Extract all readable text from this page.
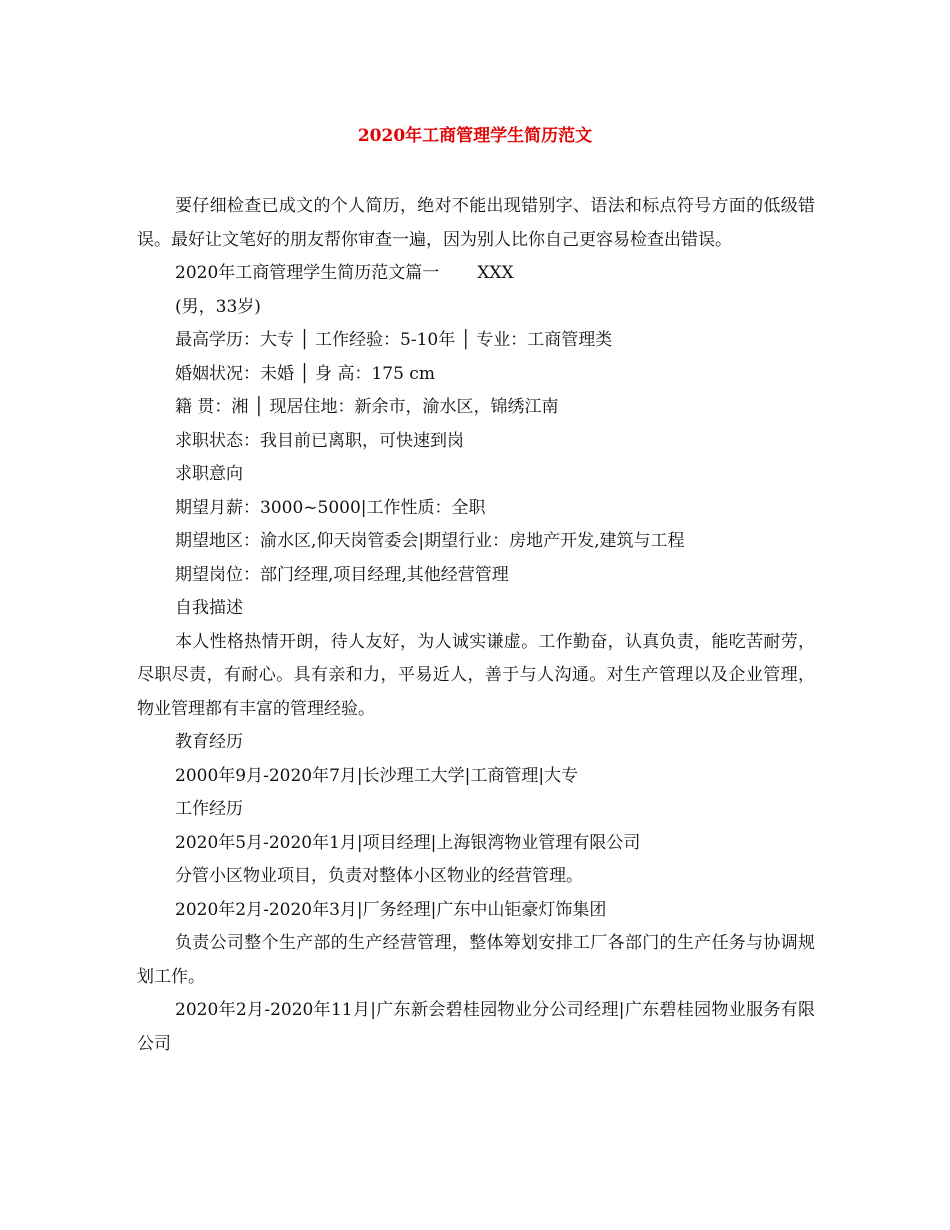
2020年工商管理学生简历范文

要仔细检查已成文的个人简历，绝对不能出现错别字、语法和标点符号方面的低级错误。最好让文笔好的朋友帮你审查一遍，因为别人比你自己更容易检查出错误。

2020年工商管理学生简历范文篇一 XXX

(男，33岁)

最高学历：大专 │ 工作经验：5-10年 │ 专业：工商管理类

婚姻状况：未婚 │ 身 高：175 cm

籍 贯：湘 │ 现居住地：新余市，渝水区，锦绣江南

求职状态：我目前已离职，可快速到岗

求职意向

期望月薪：3000~5000|工作性质：全职

期望地区：渝水区,仰天岗管委会|期望行业：房地产开发,建筑与工程

期望岗位：部门经理,项目经理,其他经营管理

自我描述

本人性格热情开朗，待人友好，为人诚实谦虚。工作勤奋，认真负责，能吃苦耐劳，尽职尽责，有耐心。具有亲和力，平易近人，善于与人沟通。对生产管理以及企业管理，物业管理都有丰富的管理经验。

教育经历

2000年9月-2020年7月|长沙理工大学|工商管理|大专

工作经历

2020年5月-2020年1月|项目经理|上海银湾物业管理有限公司

分管小区物业项目，负责对整体小区物业的经营管理。

2020年2月-2020年3月|厂务经理|广东中山钜豪灯饰集团

负责公司整个生产部的生产经营管理，整体筹划安排工厂各部门的生产任务与协调规划工作。

2020年2月-2020年11月|广东新会碧桂园物业分公司经理|广东碧桂园物业服务有限公司
